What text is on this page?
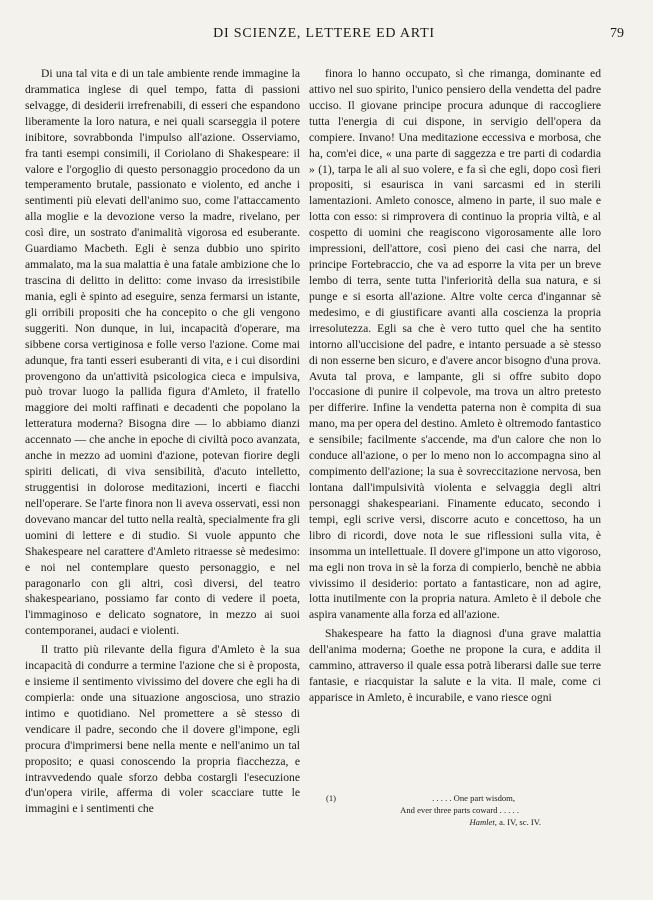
DI SCIENZE, LETTERE ED ARTI	79

Di una tal vita e di un tale ambiente rende immagine la drammatica inglese di quel tempo, fatta di passioni selvagge, di desiderii irrefrenabili, di esseri che espandono liberamente la loro natura, e nei quali scarseggia il potere inibitore, sovrabbonda l'impulso all'azione. Osserviamo, fra tanti esempi consimili, il Coriolano di Shakespeare: il valore e l'orgoglio di questo personaggio procedono da un temperamento brutale, passionato e violento, ed anche i sentimenti più elevati dell'animo suo, come l'attaccamento alla moglie e la devozione verso la madre, rivelano, per così dire, un sostrato d'animalità vigorosa ed esuberante. Guardiamo Macbeth. Egli è senza dubbio uno spirito ammalato, ma la sua malattia è una fatale ambizione che lo trascina di delitto in delitto: come invaso da irresistibile mania, egli è spinto ad eseguire, senza fermarsi un istante, gli orribili propositi che ha concepito o che gli vengono suggeriti. Non dunque, in lui, incapacità d'operare, ma sibbene corsa vertiginosa e folle verso l'azione. Come mai adunque, fra tanti esseri esuberanti di vita, e i cui disordini provengono da un'attività psicologica cieca e impulsiva, può trovar luogo la pallida figura d'Amleto, il fratello maggiore dei molti raffinati e decadenti che popolano la letteratura moderna? Bisogna dire — lo abbiamo dianzi accennato — che anche in epoche di civiltà poco avanzata, anche in mezzo ad uomini d'azione, potevan fiorire degli spiriti delicati, di viva sensibilità, d'acuto intelletto, struggentisi in dolorose meditazioni, incerti e fiacchi nell'operare. Se l'arte finora non li aveva osservati, essi non dovevano mancar del tutto nella realtà, specialmente fra gli uomini di lettere e di studio. Si vuole appunto che Shakespeare nel carattere d'Amleto ritraesse sè medesimo: e noi nel contemplare questo personaggio, e nel paragonarlo con gli altri, così diversi, del teatro shakespeariano, possiamo far conto di vedere il poeta, l'immaginoso e delicato sognatore, in mezzo ai suoi contemporanei, audaci e violenti.

Il tratto più rilevante della figura d'Amleto è la sua incapacità di condurre a termine l'azione che si è proposta, e insieme il sentimento vivissimo del dovere che egli ha di compierla: onde una situazione angosciosa, uno strazio intimo e quotidiano. Nel promettere a sè stesso di vendicare il padre, secondo che il dovere gl'impone, egli procura d'imprimersi bene nella mente e nell'animo un tal proposito; e quasi conoscendo la propria fiacchezza, e intravvedendo quale sforzo debba costargli l'esecuzione d'un'opera virile, afferma di voler scacciare tutte le immagini e i sentimenti che

finora lo hanno occupato, sì che rimanga, dominante ed attivo nel suo spirito, l'unico pensiero della vendetta del padre ucciso. Il giovane principe procura adunque di raccogliere tutta l'energia di cui dispone, in servigio dell'opera da compiere. Invano! Una meditazione eccessiva e morbosa, che ha, com'ei dice, « una parte di saggezza e tre parti di codardia » (1), tarpa le ali al suo volere, e fa sì che egli, dopo così fieri propositi, si esaurisca in vani sarcasmi ed in sterili lamentazioni. Amleto conosce, almeno in parte, il suo male e lotta con esso: si rimprovera di continuo la propria viltà, e al cospetto di uomini che reagiscono vigorosamente alle loro impressioni, dell'attore, così pieno dei casi che narra, del principe Fortebraccio, che va ad esporre la vita per un breve lembo di terra, sente tutta l'inferiorità della sua natura, e si punge e si esorta all'azione. Altre volte cerca d'ingannar sè medesimo, e di giustificare avanti alla coscienza la propria irresolutezza. Egli sa che è vero tutto quel che ha sentito intorno all'uccisione del padre, e intanto persuade a sè stesso di non esserne ben sicuro, e d'avere ancor bisogno d'una prova. Avuta tal prova, e lampante, gli si offre subito dopo l'occasione di punire il colpevole, ma trova un altro pretesto per differire. Infine la vendetta paterna non è compita di sua mano, ma per opera del destino. Amleto è oltremodo fantastico e sensibile; facilmente s'accende, ma d'un calore che non lo conduce all'azione, o per lo meno non lo accompagna sino al compimento dell'azione; la sua è sovreccitazione nervosa, ben lontana dall'impulsività violenta e selvaggia degli altri personaggi shakespeariani. Finamente educato, secondo i tempi, egli scrive versi, discorre acuto e concettoso, ha un libro di ricordi, dove nota le sue riflessioni sulla vita, è insomma un intellettuale. Il dovere gl'impone un atto vigoroso, ma egli non trova in sè la forza di compierlo, benchè ne abbia vivissimo il desiderio: portato a fantasticare, non ad agire, lotta inutilmente con la propria natura. Amleto è il debole che aspira vanamente alla forza ed all'azione.

Shakespeare ha fatto la diagnosi d'una grave malattia dell'anima moderna; Goethe ne propone la cura, e addita il cammino, attraverso il quale essa potrà liberarsi dalle sue terre fantasie, e riacquistar la salute e la vita. Il male, come ci apparisce in Amleto, è incurabile, e vano riesce ogni

(1)	. . . . . One part wisdom,
And ever three parts coward . . . . .
Hamlet, a. IV, sc. IV.
